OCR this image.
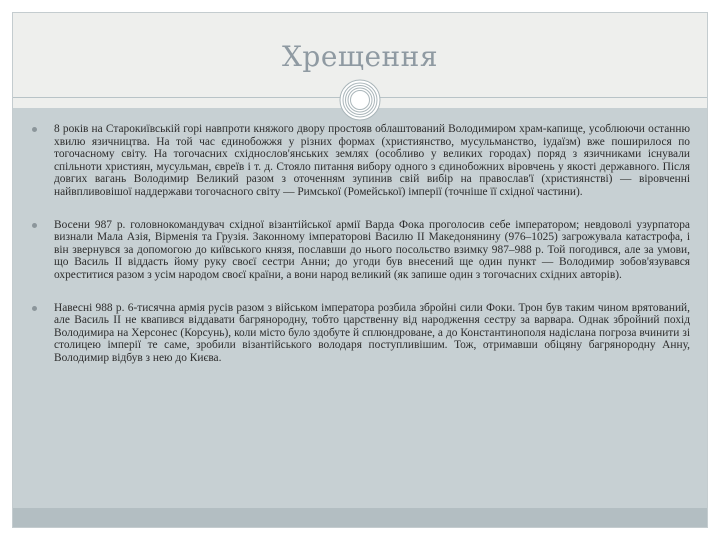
Хрещення
8 років на Старокиївській горі навпроти княжого двору простояв облаштований Володимиром храм-капище, усоблюючи останню хвилю язичництва. На той час єдинобожжя у різних формах (християнство, мусульманство, іудаїзм) вже поширилося по тогочасному світу. На тогочасних східнослов'янських землях (особливо у великих городах) поряд з язичниками існували спільноти християн, мусульман, євреїв і т. д. Стояло питання вибору одного з єдинобожних віровчень у якості державного. Після довгих вагань Володимир Великий разом з оточенням зупинив свій вибір на православ'ї (християнстві) — віровченні найвпливовішої наддержави тогочасного світу — Римської (Ромейської) імперії (точніше її східної частини).
Восени 987 р. головнокомандувач східної візантійської армії Варда Фока проголосив себе імператором; невдоволі узурпатора визнали Мала Азія, Вірменія та Грузія. Законному імператорові Василю II Македонянину (976–1025) загрожувала катастрофа, і він звернувся за допомогою до київського князя, пославши до нього посольство взимку 987–988 р. Той погодився, але за умови, що Василь II віддасть йому руку своєї сестри Анни; до угоди був внесений ще один пункт — Володимир зобов'язувався охреститися разом з усім народом своєї країни, а вони народ великий (як запише один з тогочасних східних авторів).
Навесні 988 р. 6-тисячна армія русів разом з військом імператора розбила збройні сили Фоки. Трон був таким чином врятований, але Василь II не квапився віддавати багрянородну, тобто царственну від народження сестру за варвара. Однак збройний похід Володимира на Херсонес (Корсунь), коли місто було здобуте й сплюндроване, а до Константинополя надіслана погроза вчинити зі столицею імперії те саме, зробили візантійського володаря поступливішим. Тож, отримавши обіцяну багрянородну Анну, Володимир відбув з нею до Києва.
